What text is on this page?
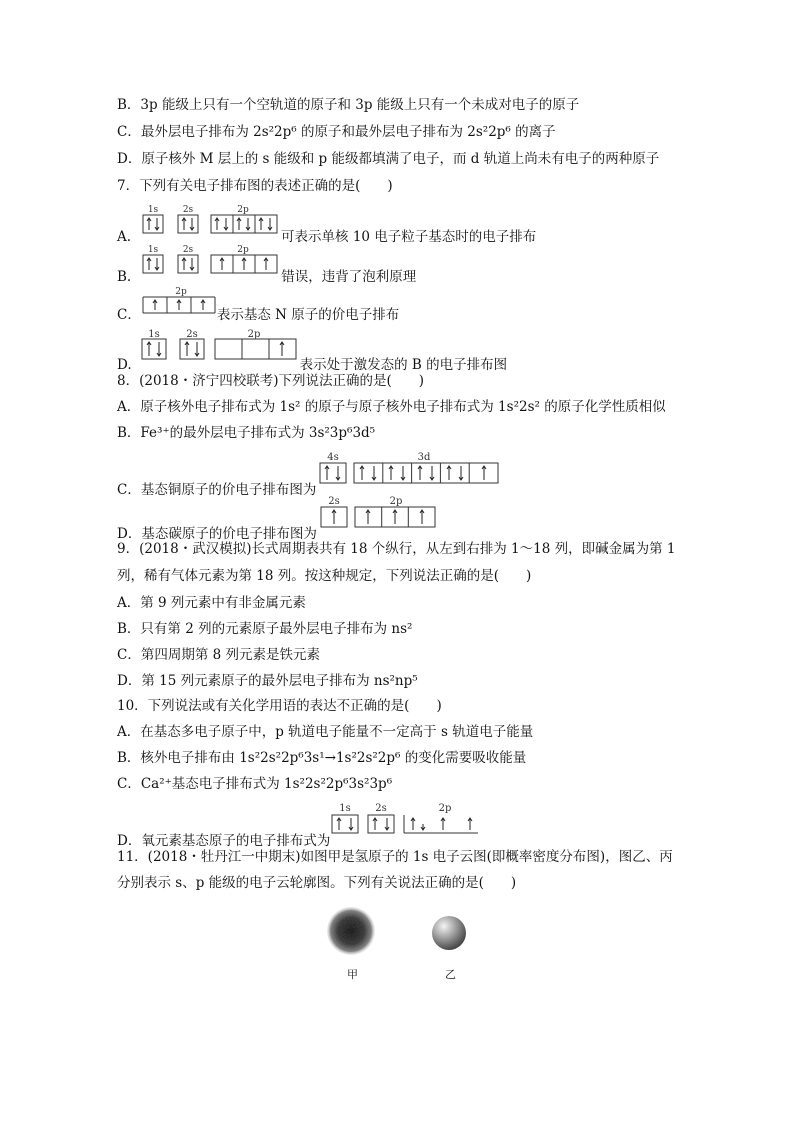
B．3p 能级上只有一个空轨道的原子和 3p 能级上只有一个未成对电子的原子
C．最外层电子排布为 2s²2p⁶ 的原子和最外层电子排布为 2s²2p⁶ 的离子
D．原子核外 M 层上的 s 能级和 p 能级都填满了电子，而 d 轨道上尚未有电子的两种原子
7．下列有关电子排布图的表述正确的是(　　)
A.
1s	2s	2p
可表示单核 10 电子粒子基态时的电子排布
B.
1s	2s	2p
错误，违背了泡利原理
C．
2p
表示基态 N 原子的价电子排布
D.
1s	2s	2p
表示处于激发态的 B 的电子排布图
8．(2018・济宁四校联考)下列说法正确的是(　　)
A．原子核外电子排布式为 1s² 的原子与原子核外电子排布式为 1s²2s² 的原子化学性质相似
B．Fe³⁺的最外层电子排布式为 3s²3p⁶3d⁵
C．基态铜原子的价电子排布图为
4s	3d
D．基态碳原子的价电子排布图为
2s	2p
9．(2018・武汉模拟)长式周期表共有 18 个纵行，从左到右排为 1～18 列，即碱金属为第 1
列，稀有气体元素为第 18 列。按这种规定，下列说法正确的是(　　)
A．第 9 列元素中有非金属元素
B．只有第 2 列的元素原子最外层电子排布为 ns²
C．第四周期第 8 列元素是铁元素
D．第 15 列元素原子的最外层电子排布为 ns²np⁵
10．下列说法或有关化学用语的表达不正确的是(　　)
A．在基态多电子原子中，p 轨道电子能量不一定高于 s 轨道电子能量
B．核外电子排布由 1s²2s²2p⁶3s¹→1s²2s²2p⁶ 的变化需要吸收能量
C．Ca²⁺基态电子排布式为 1s²2s²2p⁶3s²3p⁶
D．氧元素基态原子的电子排布式为
1s 2s	2p
11．(2018・牡丹江一中期末)如图甲是氢原子的 1s 电子云图(即概率密度分布图)，图乙、丙
分别表示 s、p 能级的电子云轮廓图。下列有关说法正确的是(　　)
甲	乙
